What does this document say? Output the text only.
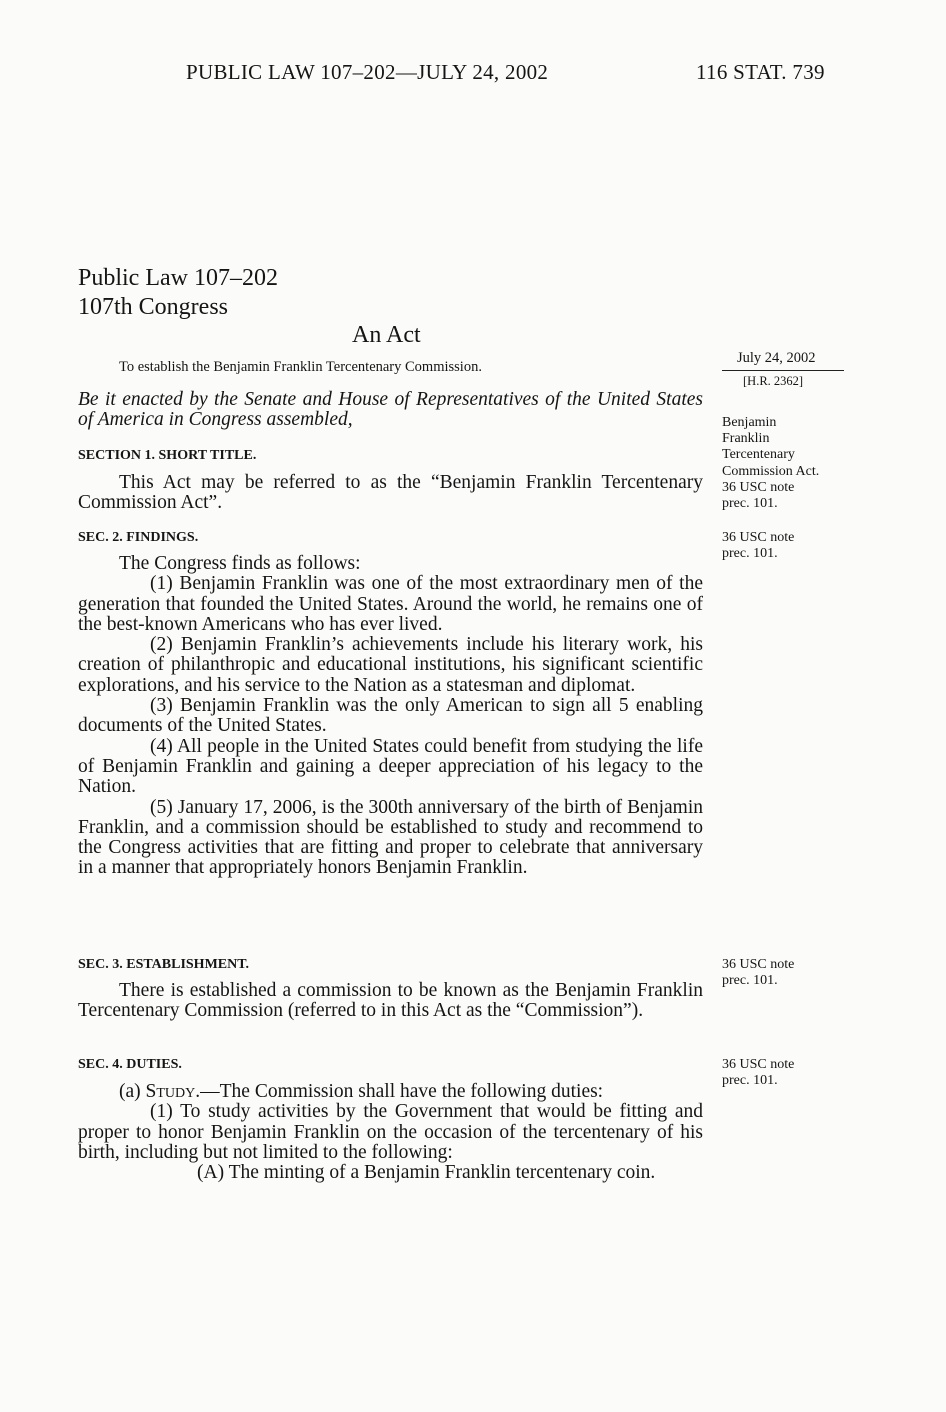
PUBLIC LAW 107–202—JULY 24, 2002	116 STAT. 739
Public Law 107–202
107th Congress
An Act
To establish the Benjamin Franklin Tercentenary Commission.
July 24, 2002
[H.R. 2362]
Be it enacted by the Senate and House of Representatives of the United States of America in Congress assembled,
SECTION 1. SHORT TITLE.

This Act may be referred to as the “Benjamin Franklin Tercentenary Commission Act”.

Benjamin
Franklin
Tercentenary
Commission Act.
36 USC note
prec. 101.
SEC. 2. FINDINGS.	36 USC note
prec. 101.

The Congress finds as follows:

(1) Benjamin Franklin was one of the most extraordinary men of the generation that founded the United States. Around the world, he remains one of the best-known Americans who has ever lived.

(2) Benjamin Franklin’s achievements include his literary work, his creation of philanthropic and educational institutions, his significant scientific explorations, and his service to the Nation as a statesman and diplomat.

(3) Benjamin Franklin was the only American to sign all 5 enabling documents of the United States.

(4) All people in the United States could benefit from studying the life of Benjamin Franklin and gaining a deeper appreciation of his legacy to the Nation.

(5) January 17, 2006, is the 300th anniversary of the birth of Benjamin Franklin, and a commission should be established to study and recommend to the Congress activities that are fitting and proper to celebrate that anniversary in a manner that appropriately honors Benjamin Franklin.

SEC. 3. ESTABLISHMENT.	36 USC note
prec. 101.

There is established a commission to be known as the Benjamin Franklin Tercentenary Commission (referred to in this Act as the “Commission”).

SEC. 4. DUTIES.	36 USC note
prec. 101.

(a) Study.—The Commission shall have the following duties:

(1) To study activities by the Government that would be fitting and proper to honor Benjamin Franklin on the occasion of the tercentenary of his birth, including but not limited to the following:

(A) The minting of a Benjamin Franklin tercentenary coin.
